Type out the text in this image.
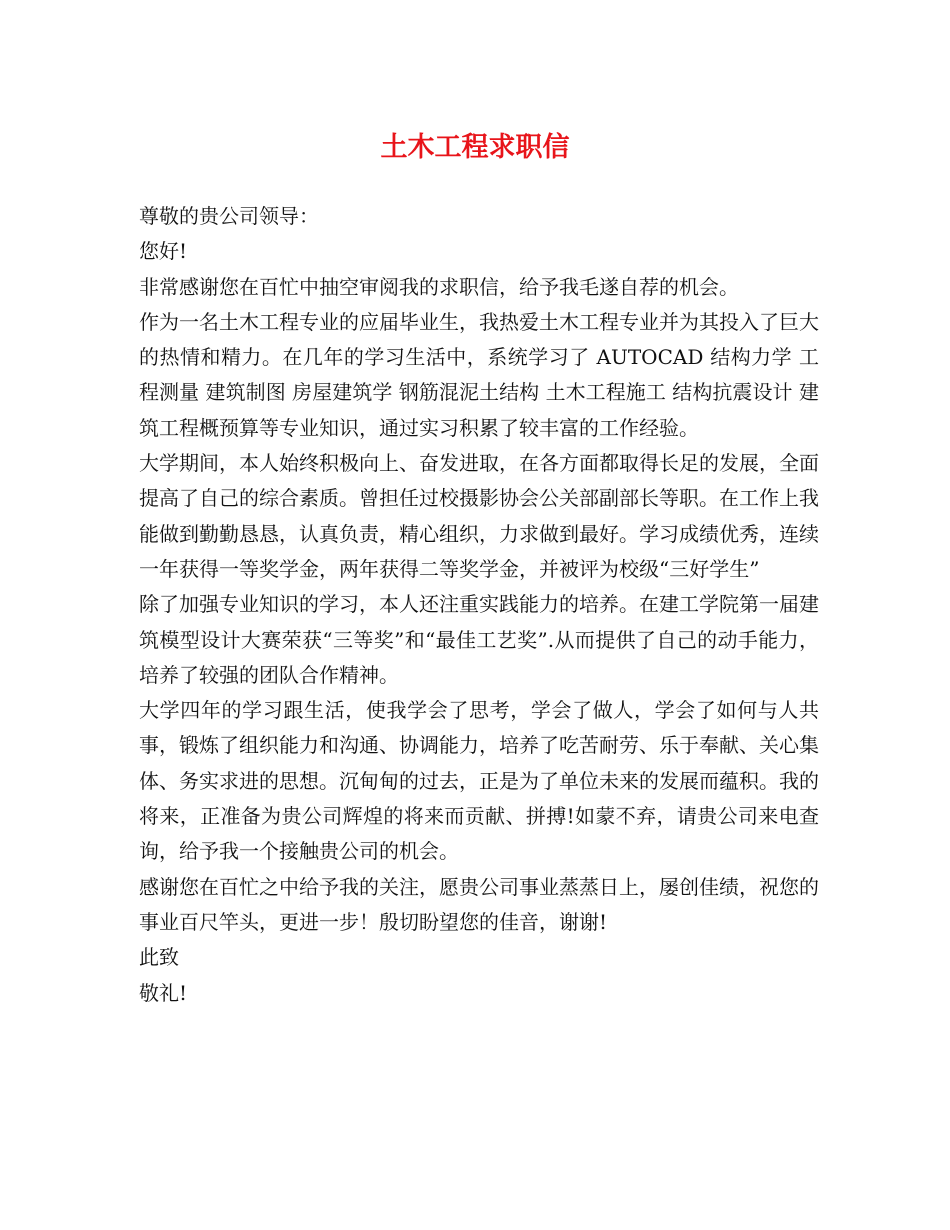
土木工程求职信

尊敬的贵公司领导：

您好!

非常感谢您在百忙中抽空审阅我的求职信，给予我毛遂自荐的机会。

作为一名土木工程专业的应届毕业生，我热爱土木工程专业并为其投入了巨大的热情和精力。在几年的学习生活中，系统学习了 AUTOCAD 结构力学 工程测量 建筑制图 房屋建筑学 钢筋混泥土结构 土木工程施工 结构抗震设计 建筑工程概预算等专业知识，通过实习积累了较丰富的工作经验。

大学期间，本人始终积极向上、奋发进取，在各方面都取得长足的发展，全面提高了自己的综合素质。曾担任过校摄影协会公关部副部长等职。在工作上我能做到勤勤恳恳，认真负责，精心组织，力求做到最好。学习成绩优秀，连续一年获得一等奖学金，两年获得二等奖学金，并被评为校级“三好学生”

除了加强专业知识的学习，本人还注重实践能力的培养。在建工学院第一届建筑模型设计大赛荣获“三等奖”和“最佳工艺奖”.从而提供了自己的动手能力，培养了较强的团队合作精神。

大学四年的学习跟生活，使我学会了思考，学会了做人，学会了如何与人共事，锻炼了组织能力和沟通、协调能力，培养了吃苦耐劳、乐于奉献、关心集体、务实求进的思想。沉甸甸的过去，正是为了单位未来的发展而蕴积。我的将来，正准备为贵公司辉煌的将来而贡献、拼搏!如蒙不弃，请贵公司来电查询，给予我一个接触贵公司的机会。

感谢您在百忙之中给予我的关注，愿贵公司事业蒸蒸日上，屡创佳绩，祝您的事业百尺竿头，更进一步！殷切盼望您的佳音，谢谢!

此致

敬礼!
